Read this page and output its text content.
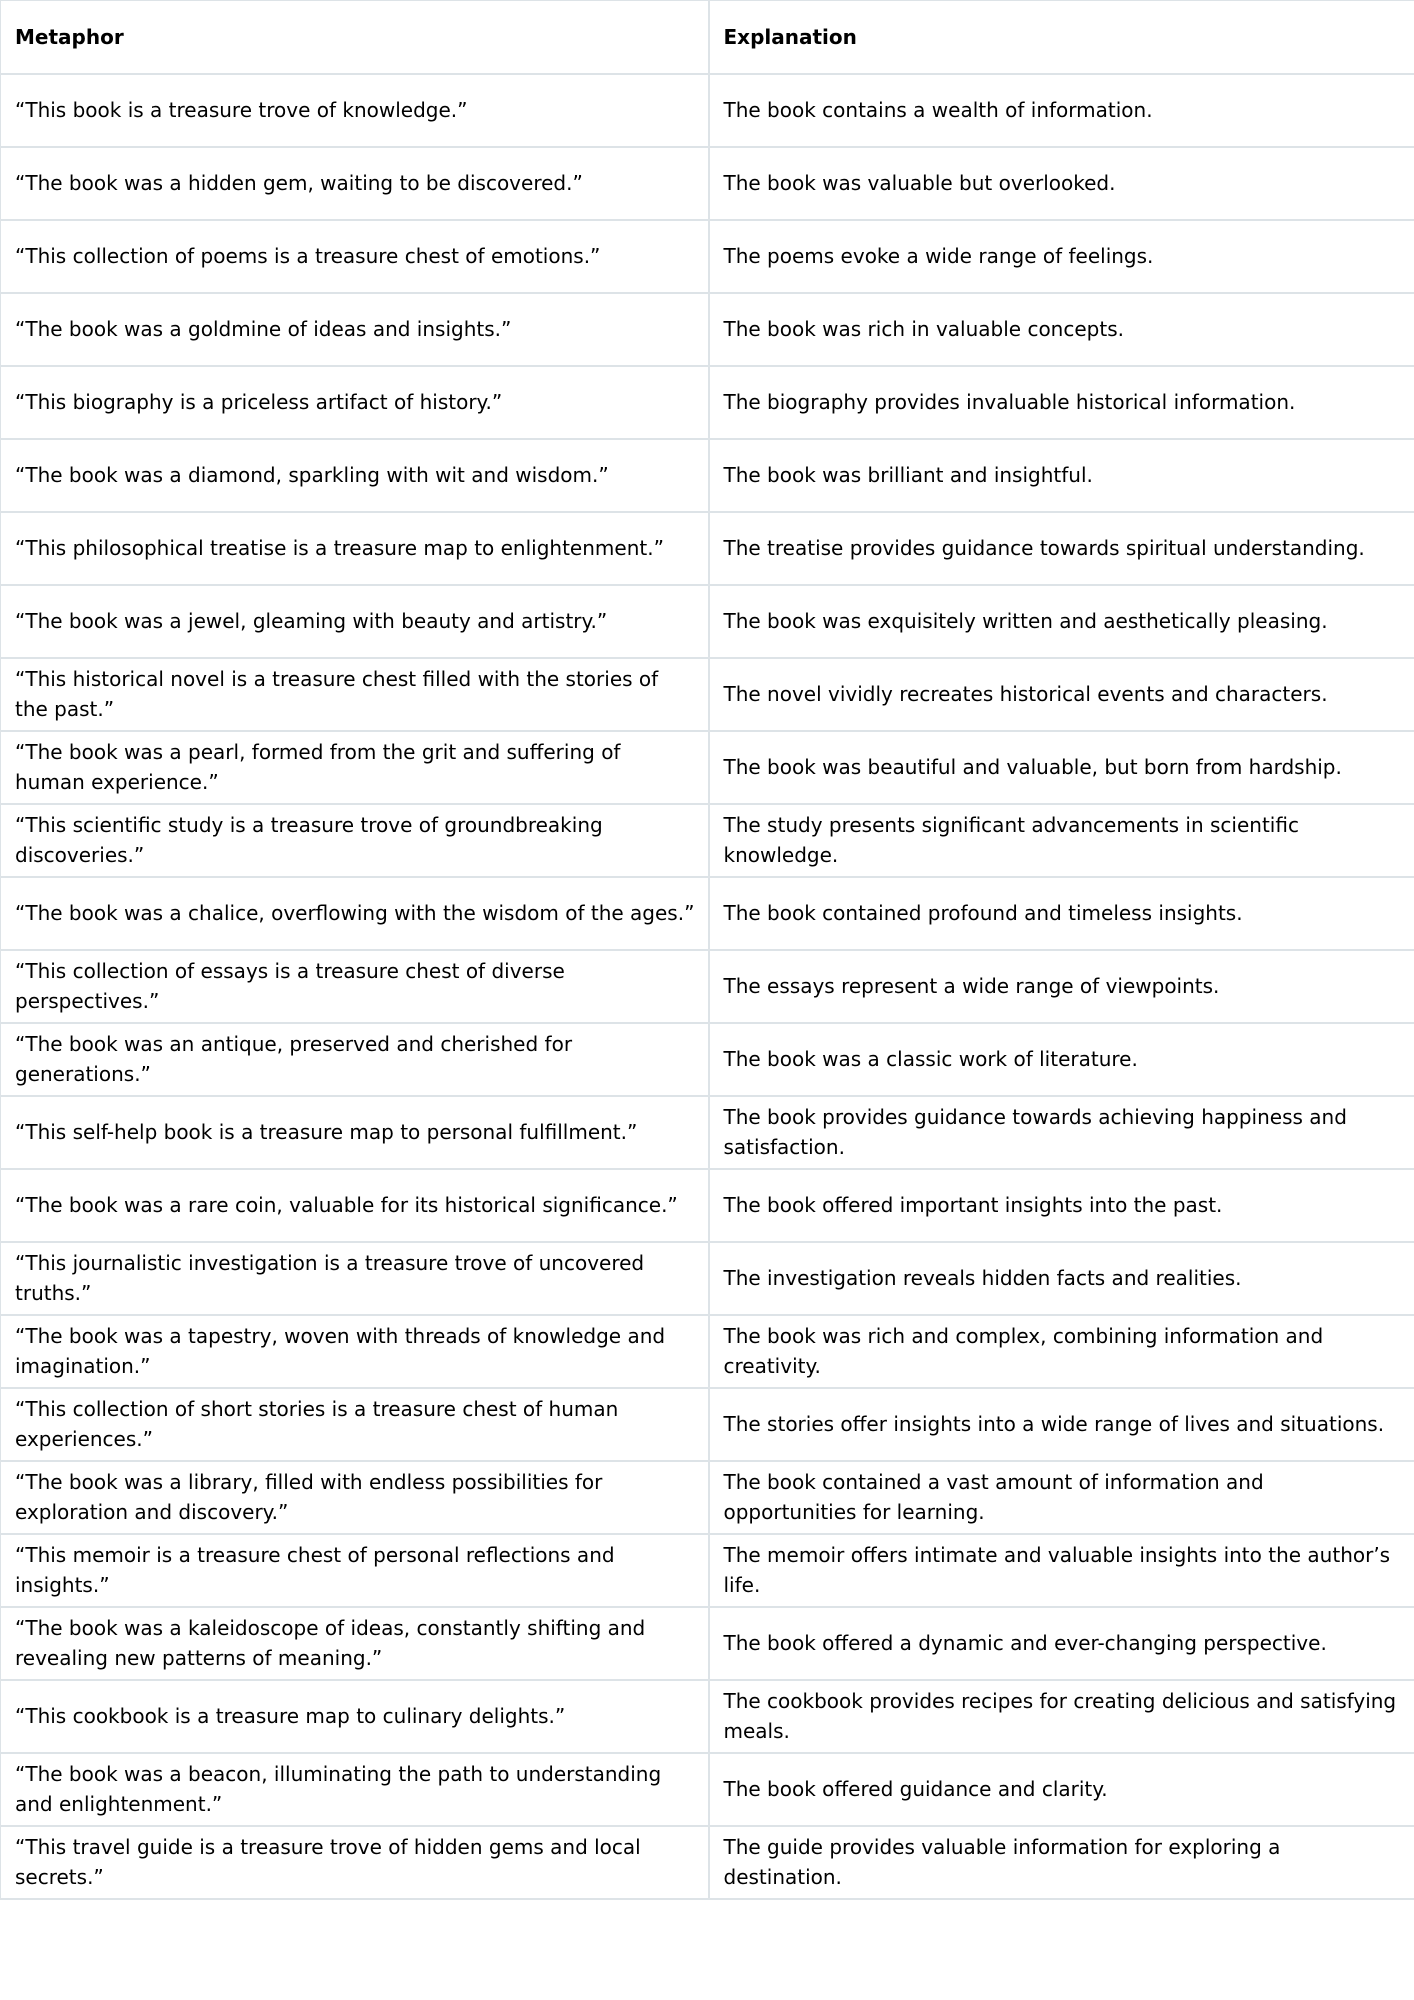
Metaphor	Explanation
“This book is a treasure trove of knowledge.”	The book contains a wealth of information.
“The book was a hidden gem, waiting to be discovered.”	The book was valuable but overlooked.
“This collection of poems is a treasure chest of emotions.”	The poems evoke a wide range of feelings.
“The book was a goldmine of ideas and insights.”	The book was rich in valuable concepts.
“This biography is a priceless artifact of history.”	The biography provides invaluable historical information.
“The book was a diamond, sparkling with wit and wisdom.”	The book was brilliant and insightful.
“This philosophical treatise is a treasure map to enlightenment.”	The treatise provides guidance towards spiritual understanding.
“The book was a jewel, gleaming with beauty and artistry.”	The book was exquisitely written and aesthetically pleasing.
“This historical novel is a treasure chest filled with the stories of the past.”	The novel vividly recreates historical events and characters.
“The book was a pearl, formed from the grit and suffering of human experience.”	The book was beautiful and valuable, but born from hardship.
“This scientific study is a treasure trove of groundbreaking discoveries.”	The study presents significant advancements in scientific knowledge.
“The book was a chalice, overflowing with the wisdom of the ages.”	The book contained profound and timeless insights.
“This collection of essays is a treasure chest of diverse perspectives.”	The essays represent a wide range of viewpoints.
“The book was an antique, preserved and cherished for generations.”	The book was a classic work of literature.
“This self-help book is a treasure map to personal fulfillment.”	The book provides guidance towards achieving happiness and satisfaction.
“The book was a rare coin, valuable for its historical significance.”	The book offered important insights into the past.
“This journalistic investigation is a treasure trove of uncovered truths.”	The investigation reveals hidden facts and realities.
“The book was a tapestry, woven with threads of knowledge and imagination.”	The book was rich and complex, combining information and creativity.
“This collection of short stories is a treasure chest of human experiences.”	The stories offer insights into a wide range of lives and situations.
“The book was a library, filled with endless possibilities for exploration and discovery.”	The book contained a vast amount of information and opportunities for learning.
“This memoir is a treasure chest of personal reflections and insights.”	The memoir offers intimate and valuable insights into the author’s life.
“The book was a kaleidoscope of ideas, constantly shifting and revealing new patterns of meaning.”	The book offered a dynamic and ever-changing perspective.
“This cookbook is a treasure map to culinary delights.”	The cookbook provides recipes for creating delicious and satisfying meals.
“The book was a beacon, illuminating the path to understanding and enlightenment.”	The book offered guidance and clarity.
“This travel guide is a treasure trove of hidden gems and local secrets.”	The guide provides valuable information for exploring a destination.
